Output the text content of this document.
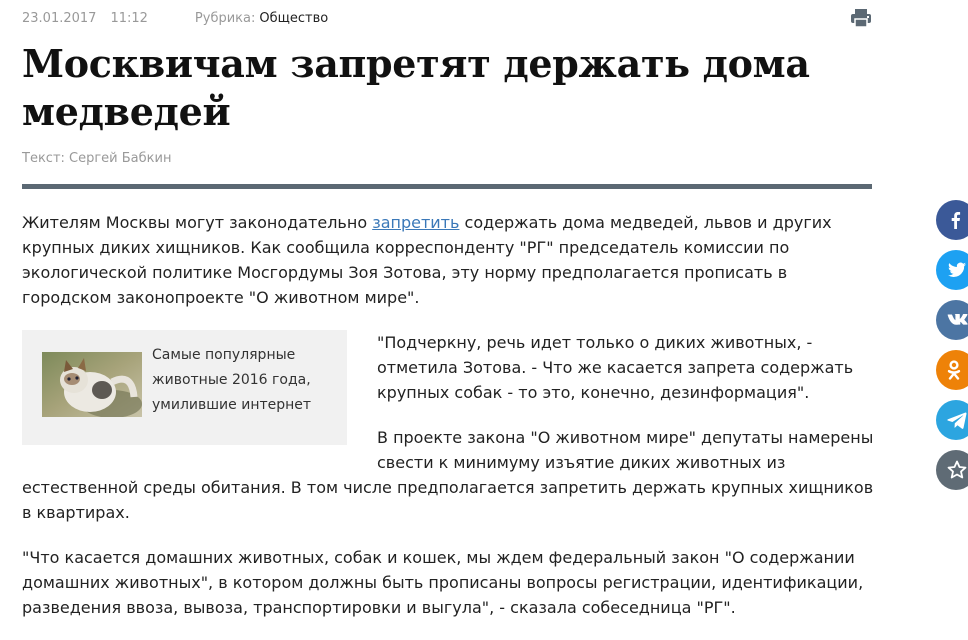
23.01.2017 11:12	Рубрика: Общество
Москвичам запретят держать дома медведей
Текст: Сергей Бабкин

Жителям Москвы могут законодательно запретить содержать дома медведей, львов и других крупных диких хищников. Как сообщила корреспонденту "РГ" председатель комиссии по экологической политике Мосгордумы Зоя Зотова, эту норму предполагается прописать в городском законопроекте "О животном мире".

Самые популярные животные 2016 года, умилившие интернет

"Подчеркну, речь идет только о диких животных, - отметила Зотова. - Что же касается запрета содержать крупных собак - то это, конечно, дезинформация".

В проекте закона "О животном мире" депутаты намерены свести к минимуму изъятие диких животных из естественной среды обитания. В том числе предполагается запретить держать крупных хищников в квартирах.

"Что касается домашних животных, собак и кошек, мы ждем федеральный закон "О содержании домашних животных", в котором должны быть прописаны вопросы регистрации, идентификации, разведения ввоза, вывоза, транспортировки и выгула", - сказала собеседница "РГ".
